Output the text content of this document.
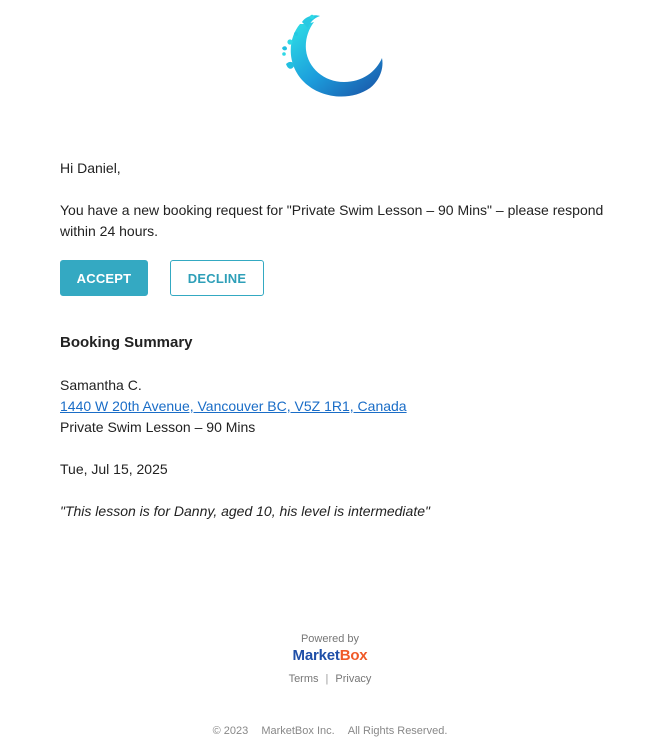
Hi Daniel,
You have a new booking request for "Private Swim Lesson – 90 Mins" – please respond within 24 hours.
ACCEPT	DECLINE
Booking Summary
Samantha C.
1440 W 20th Avenue, Vancouver BC, V5Z 1R1, Canada
Private Swim Lesson – 90 Mins
Tue, Jul 15, 2025
"This lesson is for Danny, aged 10, his level is intermediate"
Powered by
MarketBox
Terms | Privacy
© 2023 MarketBox Inc. All Rights Reserved.
